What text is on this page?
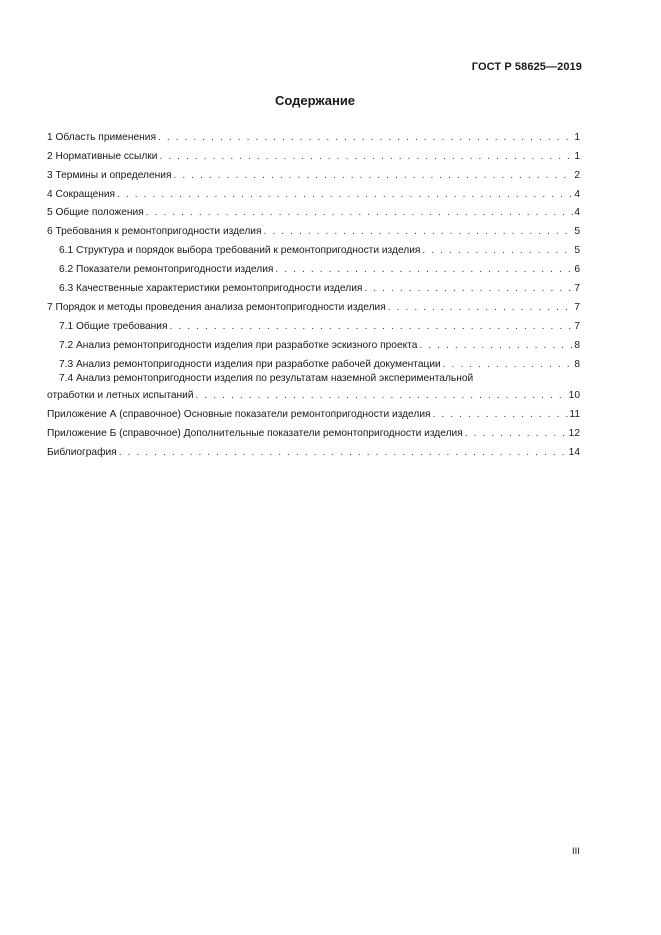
ГОСТ Р 58625—2019
Содержание
1 Область применения . . .	1
2 Нормативные ссылки . . .	1
3 Термины и определения . . .	2
4 Сокращения . . .	4
5 Общие положения . . .	4
6 Требования к ремонтопригодности изделия . . .	5
6.1 Структура и порядок выбора требований к ремонтопригодности изделия . . .	5
6.2 Показатели ремонтопригодности изделия . . .	6
6.3 Качественные характеристики ремонтопригодности изделия . . .	7
7 Порядок и методы проведения анализа ремонтопригодности изделия . . .	7
7.1 Общие требования . . .	7
7.2 Анализ ремонтопригодности изделия при разработке эскизного проекта . . .	8
7.3 Анализ ремонтопригодности изделия при разработке рабочей документации . . .	8
7.4 Анализ ремонтопригодности изделия по результатам наземной экспериментальной
отработки и летных испытаний . . .	10
Приложение А (справочное) Основные показатели ремонтопригодности изделия . . .	11
Приложение Б (справочное) Дополнительные показатели ремонтопригодности изделия . . .	12
Библиография . . .	14
III
